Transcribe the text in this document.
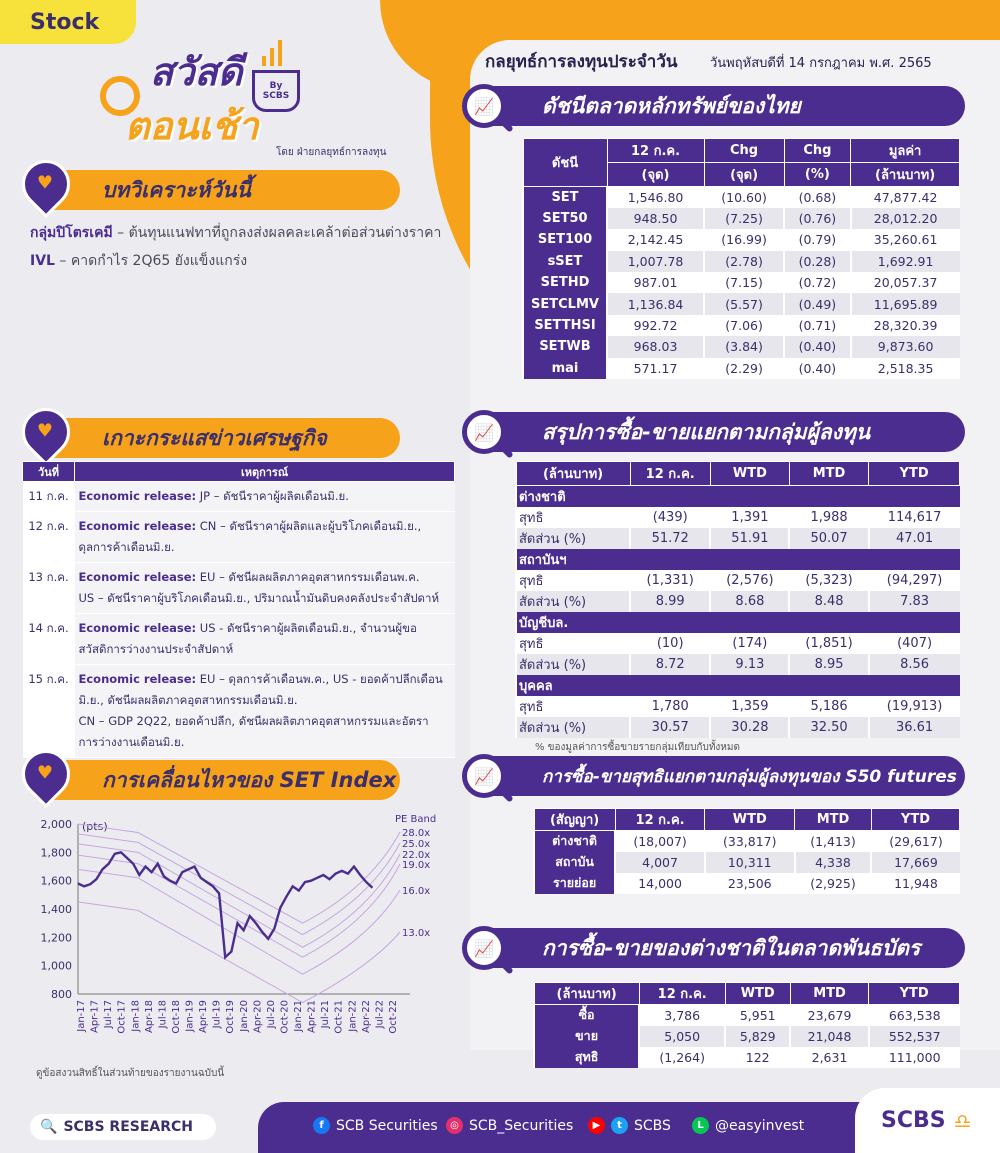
Stock
สวัสดี
ตอนเช้า
By
SCBS
โดย ฝ่ายกลยุทธ์การลงทุน
กลยุทธ์การลงทุนประจำวัน	วันพฤหัสบดีที่ 14 กรกฎาคม พ.ศ. 2565
บทวิเคราะห์วันนี้
♥
กลุ่มปิโตรเคมี – ต้นทุนแนฟทาที่ถูกลงส่งผลคละเคล้าต่อส่วนต่างราคา
IVL – คาดกำไร 2Q65 ยังแข็งแกร่ง
ดัชนีตลาดหลักทรัพย์ของไทย
📈
ดัชนี	12 ก.ค.	Chg	Chg	มูลค่า
	(จุด)	(จุด)	(%)	(ล้านบาท)
SET	1,546.80	(10.60)	(0.68)	47,877.42
SET50	948.50	(7.25)	(0.76)	28,012.20
SET100	2,142.45	(16.99)	(0.79)	35,260.61
sSET	1,007.78	(2.78)	(0.28)	1,692.91
SETHD	987.01	(7.15)	(0.72)	20,057.37
SETCLMV	1,136.84	(5.57)	(0.49)	11,695.89
SETTHSI	992.72	(7.06)	(0.71)	28,320.39
SETWB	968.03	(3.84)	(0.40)	9,873.60
mai	571.17	(2.29)	(0.40)	2,518.35
เกาะกระแสข่าวเศรษฐกิจ
♥
วันที่	เหตุการณ์
11 ก.ค.	Economic release: JP – ดัชนีราคาผู้ผลิตเดือนมิ.ย.

12 ก.ค.	Economic release: CN – ดัชนีราคาผู้ผลิตและผู้บริโภคเดือนมิ.ย.,
ดุลการค้าเดือนมิ.ย.

13 ก.ค.	Economic release: EU – ดัชนีผลผลิตภาคอุตสาหกรรมเดือนพ.ค.
US – ดัชนีราคาผู้บริโภคเดือนมิ.ย., ปริมาณน้ำมันดิบคงคลังประจำสัปดาห์

14 ก.ค.	Economic release: US - ดัชนีราคาผู้ผลิตเดือนมิ.ย., จำนวนผู้ขอ
สวัสดิการว่างงานประจำสัปดาห์

15 ก.ค.	Economic release: EU – ดุลการค้าเดือนพ.ค., US - ยอดค้าปลีกเดือน
มิ.ย., ดัชนีผลผลิตภาคอุตสาหกรรมเดือนมิ.ย.
CN – GDP 2Q22, ยอดค้าปลีก, ดัชนีผลผลิตภาคอุตสาหกรรมและอัตรา
การว่างงานเดือนมิ.ย.
การเคลื่อนไหวของ SET Index
♥
2,000
1,800
1,600
1,400
1,200
1,000
800
(pts)
Jan-17 Apr-17 Jul-17 Oct-17 Jan-18 Apr-18 Jul-18 Oct-18 Jan-19 Apr-19 Jul-19 Oct-19 Jan-20 Apr-20 Jul-20 Oct-20 Jan-21 Apr-21 Jul-21 Oct-21 Jan-22 Apr-22 Jul-22 Oct-22
28.0x
25.0x
22.0x
19.0x
16.0x
13.0x
PE Band
ดูข้อสงวนสิทธิ์ในส่วนท้ายของรายงานฉบับนี้
สรุปการซื้อ-ขายแยกตามกลุ่มผู้ลงทุน
📈
(ล้านบาท)	12 ก.ค.	WTD	MTD	YTD
ต่างชาติ				
สุทธิ	(439)	1,391	1,988	114,617
สัดส่วน (%)	51.72	51.91	50.07	47.01
สถาบันฯ				
สุทธิ	(1,331)	(2,576)	(5,323)	(94,297)
สัดส่วน (%)	8.99	8.68	8.48	7.83
บัญชีบล.				
สุทธิ	(10)	(174)	(1,851)	(407)
สัดส่วน (%)	8.72	9.13	8.95	8.56
บุคคล				
สุทธิ	1,780	1,359	5,186	(19,913)
สัดส่วน (%)	30.57	30.28	32.50	36.61
% ของมูลค่าการซื้อขายรายกลุ่มเทียบกับทั้งหมด
การซื้อ-ขายสุทธิแยกตามกลุ่มผู้ลงทุนของ S50 futures
📈
(สัญญา)	12 ก.ค.	WTD	MTD	YTD
ต่างชาติ	(18,007)	(33,817)	(1,413)	(29,617)
สถาบัน	4,007	10,311	4,338	17,669
รายย่อย	14,000	23,506	(2,925)	11,948
การซื้อ-ขายของต่างชาติในตลาดพันธบัตร
📈
(ล้านบาท)	12 ก.ค.	WTD	MTD	YTD
ซื้อ	3,786	5,951	23,679	663,538
ขาย	5,050	5,829	21,048	552,537
สุทธิ	(1,264)	122	2,631	111,000
🔍 SCBS RESEARCH	f SCB Securities	◎ SCB_Securities	▶	t SCBS	L @easyinvest	SCBS ♎
